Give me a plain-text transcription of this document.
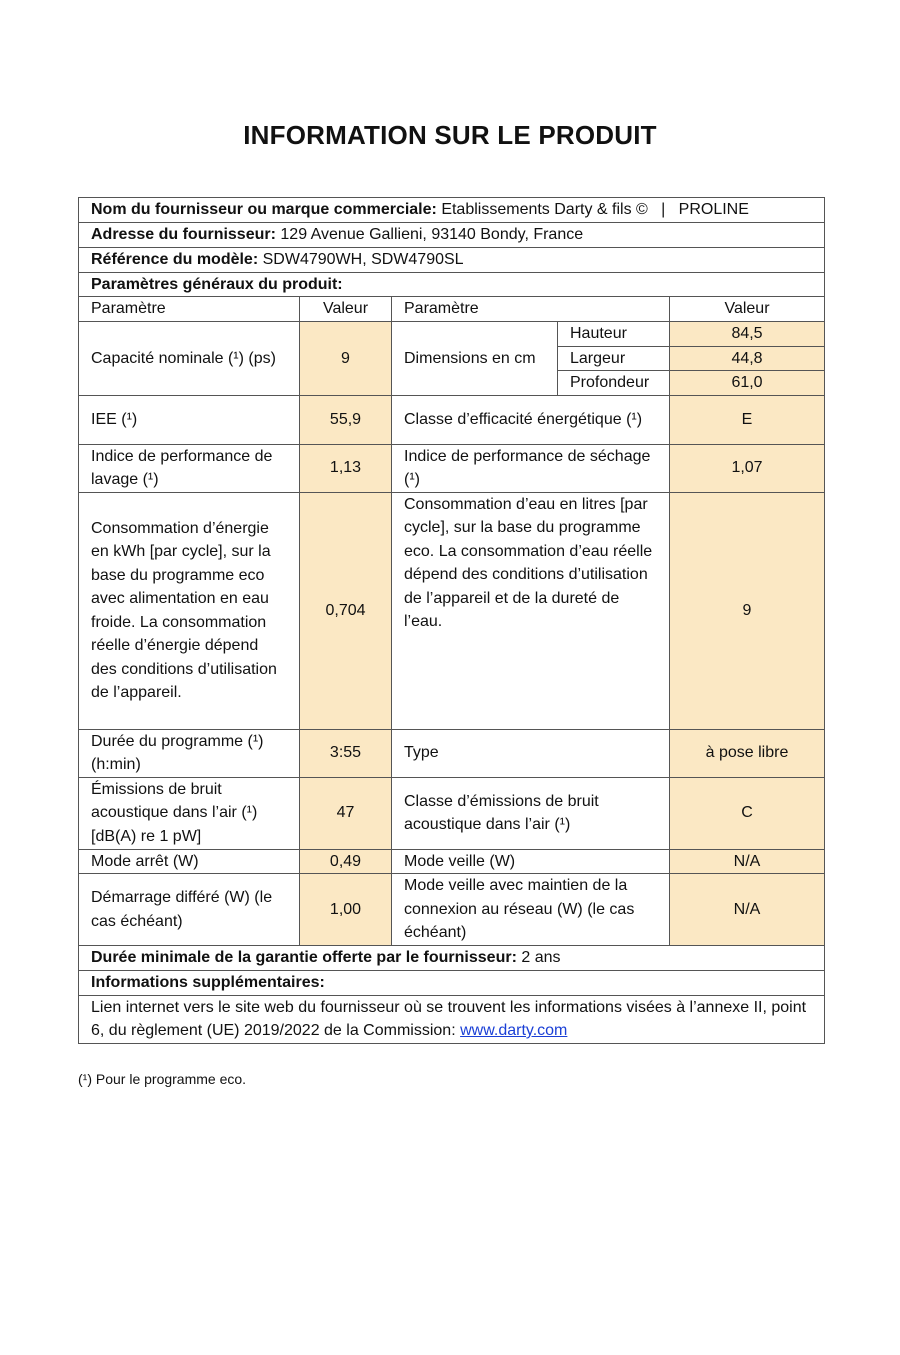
INFORMATION SUR LE PRODUIT
Nom du fournisseur ou marque commerciale: Etablissements Darty & fils ©   |   PROLINE				
Adresse du fournisseur: 129 Avenue Gallieni, 93140 Bondy, France				
Référence du modèle: SDW4790WH, SDW4790SL				
Paramètres généraux du produit:				
Paramètre	Valeur	Paramètre		Valeur
Capacité nominale (¹) (ps)	9	Dimensions en cm	Hauteur	84,5
			Largeur	44,8
			Profondeur	61,0
IEE (¹)	55,9	Classe d’efficacité énergétique (¹)		E
Indice de performance de lavage (¹)	1,13	Indice de performance de séchage (¹)		1,07
Consommation d’énergie en kWh [par cycle], sur la base du programme eco avec alimentation en eau froide. La consommation réelle d’énergie dépend des conditions d’utilisation de l’appareil.	0,704	Consommation d’eau en litres [par cycle], sur la base du programme eco. La consommation d’eau réelle dépend des conditions d’utilisation de l’appareil et de la dureté de l’eau.		9
Durée du programme (¹) (h:min)	3:55	Type		à pose libre
Émissions de bruit acoustique dans l’air (¹) [dB(A) re 1 pW]	47	Classe d’émissions de bruit acoustique dans l’air (¹)		C
Mode arrêt (W)	0,49	Mode veille (W)		N/A
Démarrage différé (W) (le cas échéant)	1,00	Mode veille avec maintien de la connexion au réseau (W) (le cas échéant)		N/A
Durée minimale de la garantie offerte par le fournisseur: 2 ans				
Informations supplémentaires:				
Lien internet vers le site web du fournisseur où se trouvent les informations visées à l’annexe II, point 6, du règlement (UE) 2019/2022 de la Commission: www.darty.com				
(¹) Pour le programme eco.
